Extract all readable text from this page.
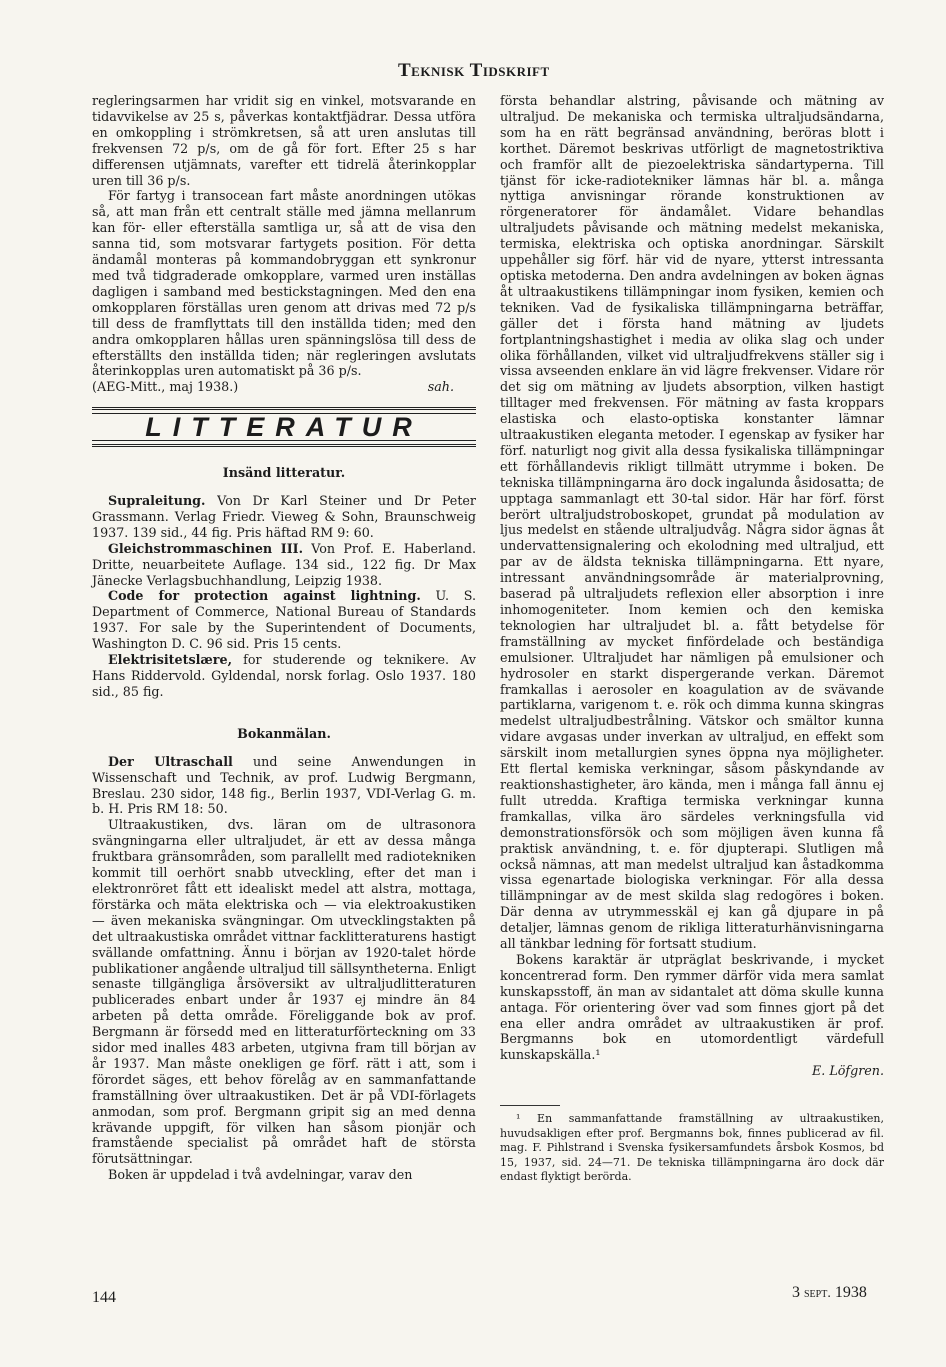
Teknisk Tidskrift

regleringsarmen har vridit sig en vinkel, motsvarande en tidavvikelse av 25 s, påverkas kontaktfjädrar. Dessa utföra en omkoppling i strömkretsen, så att uren anslutas till frekvensen 72 p/s, om de gå för fort. Efter 25 s har differensen utjämnats, varefter ett tidrelä återinkopplar uren till 36 p/s.

För fartyg i transocean fart måste anordningen utökas så, att man från ett centralt ställe med jämna mellanrum kan för- eller efterställa samtliga ur, så att de visa den sanna tid, som motsvarar fartygets position. För detta ändamål monteras på kommandobryggan ett synkronur med två tidgraderade omkopplare, varmed uren inställas dagligen i samband med bestickstagningen. Med den ena omkopplaren förställas uren genom att drivas med 72 p/s till dess de framflyttats till den inställda tiden; med den andra omkopplaren hållas uren spänningslösa till dess de efterställts den inställda tiden; när regleringen avslutats återinkopplas uren automatiskt på 36 p/s.

(AEG-Mitt., maj 1938.)	sah.
LITTERATUR
Insänd litteratur.

Supraleitung. Von Dr Karl Steiner und Dr Peter Grassmann. Verlag Friedr. Vieweg & Sohn, Braunschweig 1937. 139 sid., 44 fig. Pris häftad RM 9: 60.

Gleichstrommaschinen III. Von Prof. E. Haberland. Dritte, neuarbeitete Auflage. 134 sid., 122 fig. Dr Max Jänecke Verlagsbuchhandlung, Leipzig 1938.

Code for protection against lightning. U. S. Department of Commerce, National Bureau of Standards 1937. For sale by the Superintendent of Documents, Washington D. C. 96 sid. Pris 15 cents.

Elektrisitetslære, for studerende og teknikere. Av Hans Riddervold. Gyldendal, norsk forlag. Oslo 1937. 180 sid., 85 fig.

Bokanmälan.

Der Ultraschall und seine Anwendungen in Wissenschaft und Technik, av prof. Ludwig Bergmann, Breslau. 230 sidor, 148 fig., Berlin 1937, VDI-Verlag G. m. b. H. Pris RM 18: 50.

Ultraakustiken, dvs. läran om de ultrasonora svängningarna eller ultraljudet, är ett av dessa många fruktbara gränsområden, som parallellt med radiotekniken kommit till oerhört snabb utveckling, efter det man i elektronröret fått ett idealiskt medel att alstra, mottaga, förstärka och mäta elektriska och — via elektroakustiken — även mekaniska svängningar. Om utvecklingstakten på det ultraakustiska området vittnar facklitteraturens hastigt svällande omfattning. Ännu i början av 1920-talet hörde publikationer angående ultraljud till sällsyntheterna. Enligt senaste tillgängliga årsöversikt av ultraljudlitteraturen publicerades enbart under år 1937 ej mindre än 84 arbeten på detta område. Föreliggande bok av prof. Bergmann är försedd med en litteraturförteckning om 33 sidor med inalles 483 arbeten, utgivna fram till början av år 1937. Man måste onekligen ge förf. rätt i att, som i förordet säges, ett behov förelåg av en sammanfattande framställning över ultraakustiken. Det är på VDI-förlagets anmodan, som prof. Bergmann gripit sig an med denna krävande uppgift, för vilken han såsom pionjär och framstående specialist på området haft de största förutsättningar.

Boken är uppdelad i två avdelningar, varav den

första behandlar alstring, påvisande och mätning av ultraljud. De mekaniska och termiska ultraljudsändarna, som ha en rätt begränsad användning, beröras blott i korthet. Däremot beskrivas utförligt de magnetostriktiva och framför allt de piezoelektriska sändartyperna. Till tjänst för icke-radiotekniker lämnas här bl. a. många nyttiga anvisningar rörande konstruktionen av rörgeneratorer för ändamålet. Vidare behandlas ultraljudets påvisande och mätning medelst mekaniska, termiska, elektriska och optiska anordningar. Särskilt uppehåller sig förf. här vid de nyare, ytterst intressanta optiska metoderna. Den andra avdelningen av boken ägnas åt ultraakustikens tillämpningar inom fysiken, kemien och tekniken. Vad de fysikaliska tillämpningarna beträffar, gäller det i första hand mätning av ljudets fortplantningshastighet i media av olika slag och under olika förhållanden, vilket vid ultraljudfrekvens ställer sig i vissa avseenden enklare än vid lägre frekvenser. Vidare rör det sig om mätning av ljudets absorption, vilken hastigt tilltager med frekvensen. För mätning av fasta kroppars elastiska och elasto-optiska konstanter lämnar ultraakustiken eleganta metoder. I egenskap av fysiker har förf. naturligt nog givit alla dessa fysikaliska tillämpningar ett förhållandevis rikligt tillmätt utrymme i boken. De tekniska tillämpningarna äro dock ingalunda åsidosatta; de upptaga sammanlagt ett 30-tal sidor. Här har förf. först berört ultraljudstroboskopet, grundat på modulation av ljus medelst en stående ultraljudvåg. Några sidor ägnas åt undervattensignalering och ekolodning med ultraljud, ett par av de äldsta tekniska tillämpningarna. Ett nyare, intressant användningsområde är materialprovning, baserad på ultraljudets reflexion eller absorption i inre inhomogeniteter. Inom kemien och den kemiska teknologien har ultraljudet bl. a. fått betydelse för framställning av mycket finfördelade och beständiga emulsioner. Ultraljudet har nämligen på emulsioner och hydrosoler en starkt dispergerande verkan. Däremot framkallas i aerosoler en koagulation av de svävande partiklarna, varigenom t. e. rök och dimma kunna skingras medelst ultraljudbestrålning. Vätskor och smältor kunna vidare avgasas under inverkan av ultraljud, en effekt som särskilt inom metallurgien synes öppna nya möjligheter. Ett flertal kemiska verkningar, såsom påskyndande av reaktionshastigheter, äro kända, men i många fall ännu ej fullt utredda. Kraftiga termiska verkningar kunna framkallas, vilka äro särdeles verkningsfulla vid demonstrationsförsök och som möjligen även kunna få praktisk användning, t. e. för djupterapi. Slutligen må också nämnas, att man medelst ultraljud kan åstadkomma vissa egenartade biologiska verkningar. För alla dessa tillämpningar av de mest skilda slag redogöres i boken. Där denna av utrymmesskäl ej kan gå djupare in på detaljer, lämnas genom de rikliga litteraturhänvisningarna all tänkbar ledning för fortsatt studium.

Bokens karaktär är utpräglat beskrivande, i mycket koncentrerad form. Den rymmer därför vida mera samlat kunskapsstoff, än man av sidantalet att döma skulle kunna antaga. För orientering över vad som finnes gjort på det ena eller andra området av ultraakustiken är prof. Bergmanns bok en utomordentligt värdefull kunskapskälla.¹

E. Löfgren.

¹ En sammanfattande framställning av ultraakustiken, huvudsakligen efter prof. Bergmanns bok, finnes publicerad av fil. mag. F. Pihlstrand i Svenska fysikersamfundets årsbok Kosmos, bd 15, 1937, sid. 24—71. De tekniska tillämpningarna äro dock där endast flyktigt berörda.

144	3 sept. 1938
